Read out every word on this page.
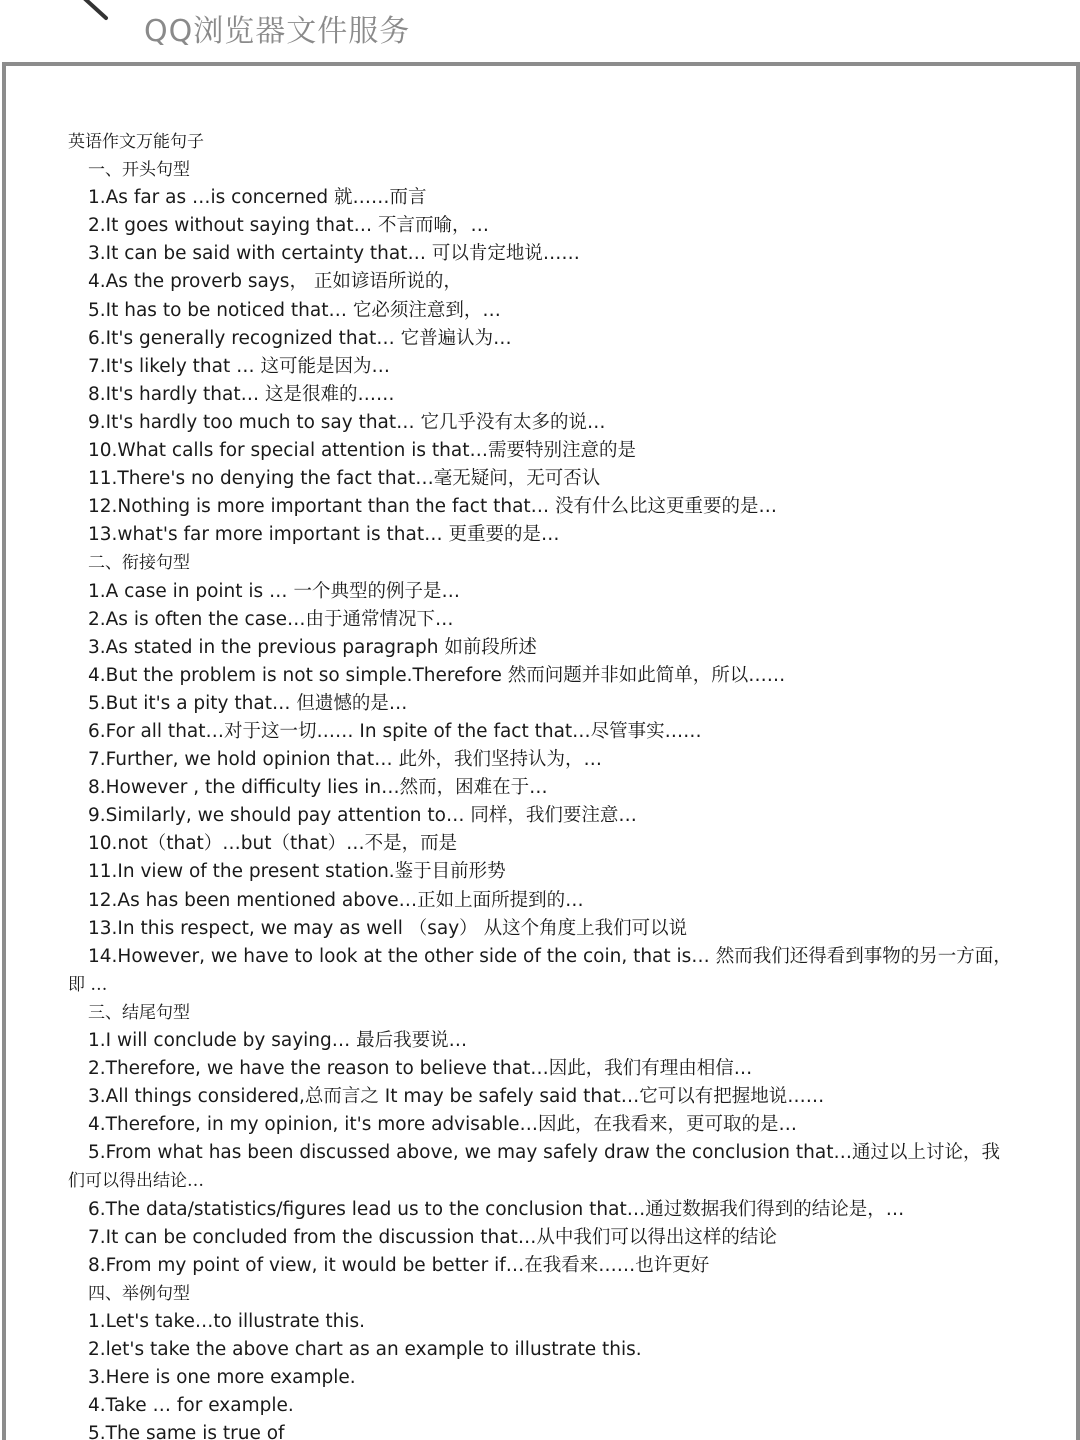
QQ浏览器文件服务
英语作文万能句子
一、开头句型
1.As far as …is concerned 就……而言
2.It goes without saying that… 不言而喻，…
3.It can be said with certainty that… 可以肯定地说……
4.As the proverb says， 正如谚语所说的，
5.It has to be noticed that… 它必须注意到，…
6.It's generally recognized that… 它普遍认为…
7.It's likely that … 这可能是因为…
8.It's hardly that… 这是很难的……
9.It's hardly too much to say that… 它几乎没有太多的说…
10.What calls for special attention is that…需要特别注意的是
11.There's no denying the fact that…毫无疑问，无可否认
12.Nothing is more important than the fact that… 没有什么比这更重要的是…
13.what's far more important is that… 更重要的是…
二、衔接句型
1.A case in point is … 一个典型的例子是…
2.As is often the case…由于通常情况下…
3.As stated in the previous paragraph 如前段所述
4.But the problem is not so simple.Therefore 然而问题并非如此简单，所以……
5.But it's a pity that… 但遗憾的是…
6.For all that…对于这一切…… In spite of the fact that…尽管事实……
7.Further, we hold opinion that… 此外，我们坚持认为，…
8.However , the difficulty lies in…然而，困难在于…
9.Similarly, we should pay attention to… 同样，我们要注意…
10.not（that）…but（that）…不是，而是
11.In view of the present station.鉴于目前形势
12.As has been mentioned above…正如上面所提到的…
13.In this respect, we may as well （say） 从这个角度上我们可以说
14.However, we have to look at the other side of the coin, that is… 然而我们还得看到事物的另一方面，
即 …
三、结尾句型
1.I will conclude by saying… 最后我要说…
2.Therefore, we have the reason to believe that…因此，我们有理由相信…
3.All things considered,总而言之 It may be safely said that…它可以有把握地说……
4.Therefore, in my opinion, it's more advisable…因此，在我看来，更可取的是…
5.From what has been discussed above, we may safely draw the conclusion that…通过以上讨论，我
们可以得出结论…
6.The data/statistics/figures lead us to the conclusion that…通过数据我们得到的结论是，…
7.It can be concluded from the discussion that…从中我们可以得出这样的结论
8.From my point of view, it would be better if…在我看来……也许更好
四、举例句型
1.Let's take…to illustrate this.
2.let's take the above chart as an example to illustrate this.
3.Here is one more example.
4.Take … for example.
5.The same is true of
